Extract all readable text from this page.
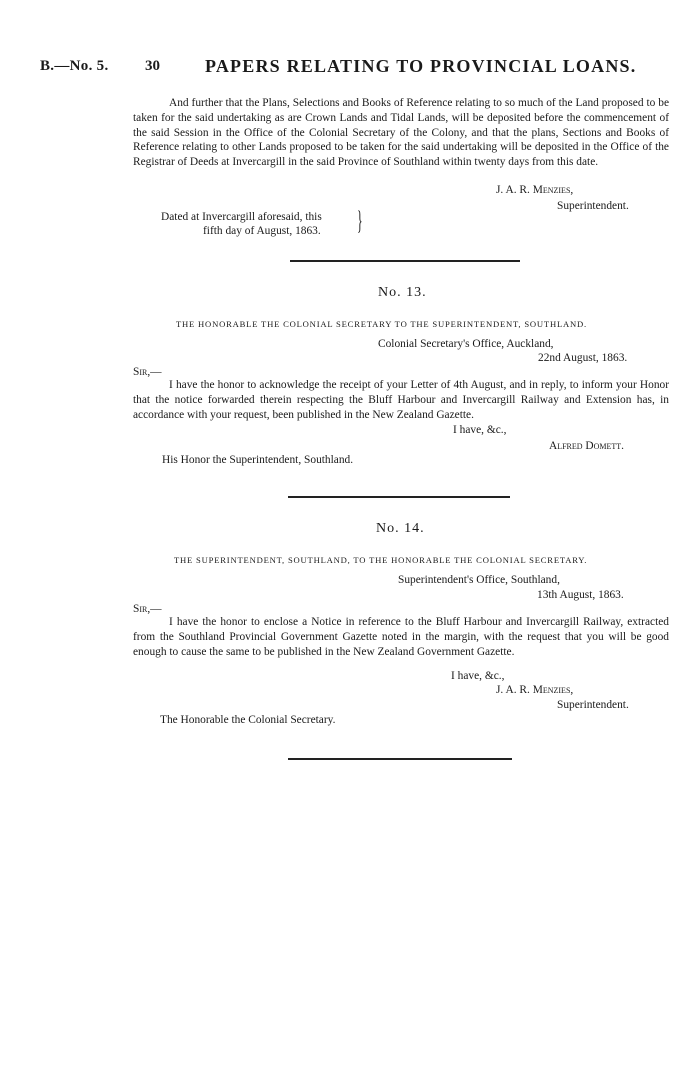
B.—No. 5. 30	PAPERS RELATING TO PROVINCIAL LOANS.

And further that the Plans, Selections and Books of Reference relating to so much of the Land proposed to be taken for the said undertaking as are Crown Lands and Tidal Lands, will be deposited before the commencement of the said Session in the Office of the Colonial Secretary of the Colony, and that the plans, Sections and Books of Reference relating to other Lands proposed to be taken for the said undertaking will be deposited in the Office of the Registrar of Deeds at Invercargill in the said Province of Southland within twenty days from this date.

J. A. R. Menzies,
Superintendent.
Dated at Invercargill aforesaid, this
fifth day of August, 1863. }
No. 13.
THE HONORABLE THE COLONIAL SECRETARY TO THE SUPERINTENDENT, SOUTHLAND.
Colonial Secretary's Office, Auckland,
22nd August, 1863.
Sir,—

I have the honor to acknowledge the receipt of your Letter of 4th August, and in reply, to inform your Honor that the notice forwarded therein respecting the Bluff Harbour and Invercargill Railway and Extension has, in accordance with your request, been published in the New Zealand Gazette.

I have, &c.,
Alfred Domett.
His Honor the Superintendent, Southland.
No. 14.
THE SUPERINTENDENT, SOUTHLAND, TO THE HONORABLE THE COLONIAL SECRETARY.
Superintendent's Office, Southland,
13th August, 1863.
Sir,—

I have the honor to enclose a Notice in reference to the Bluff Harbour and Invercargill Railway, extracted from the Southland Provincial Government Gazette noted in the margin, with the request that you will be good enough to cause the same to be published in the New Zealand Government Gazette.

I have, &c.,
J. A. R. Menzies,
Superintendent.
The Honorable the Colonial Secretary.
